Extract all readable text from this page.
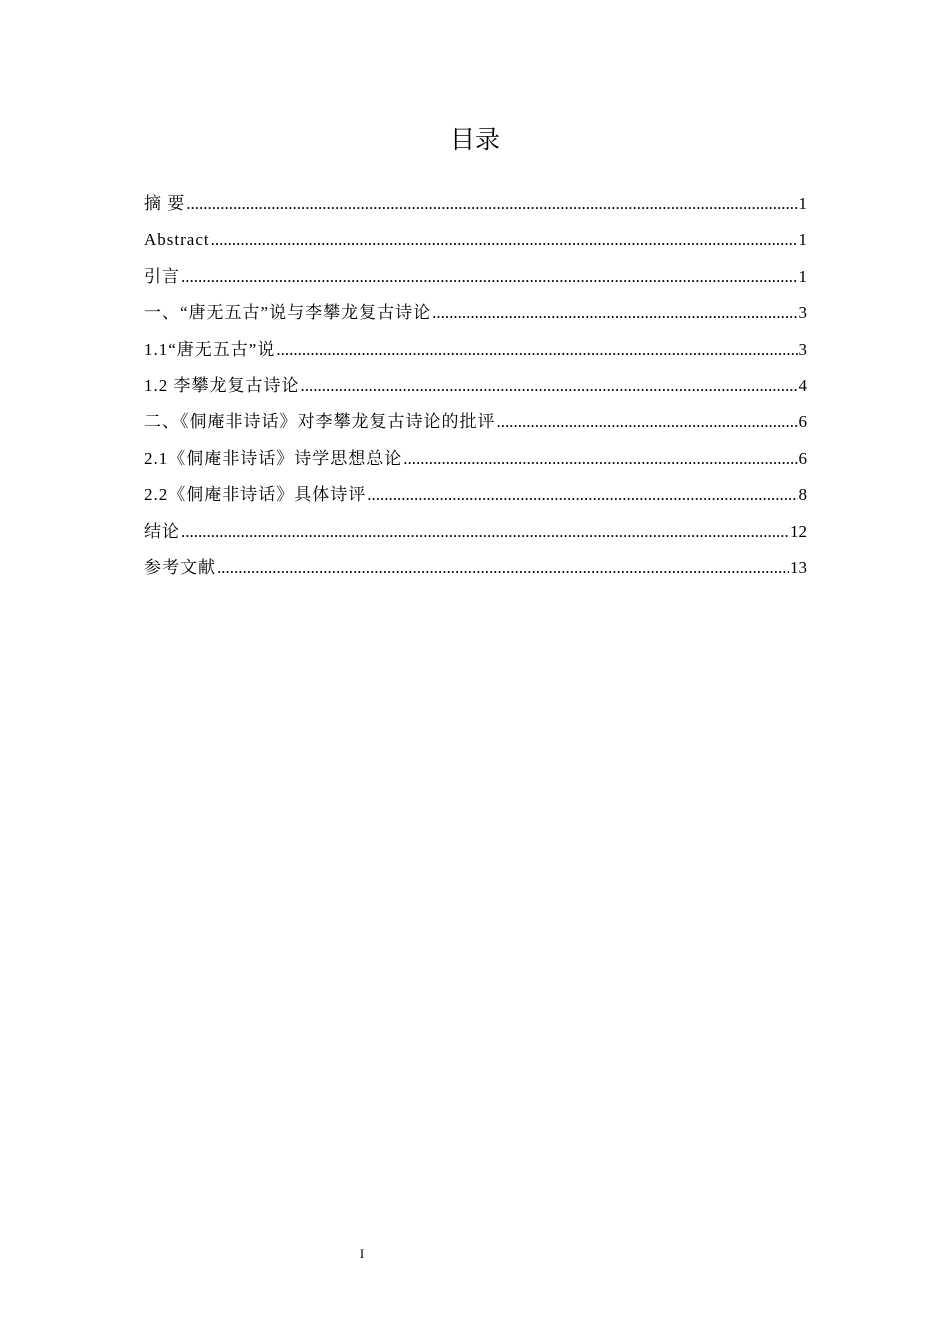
目录
摘 要 .....	1
Abstract .....	1
引言 .....	1
一、“唐无五古”说与李攀龙复古诗论 .....	3
1.1“唐无五古”说 .....	3
1.2 李攀龙复古诗论 .....	4
二、《侗庵非诗话》对李攀龙复古诗论的批评 .....	6
2.1《侗庵非诗话》诗学思想总论 .....	6
2.2《侗庵非诗话》具体诗评 .....	8
结论 .....	12
参考文献 .....	13
I
